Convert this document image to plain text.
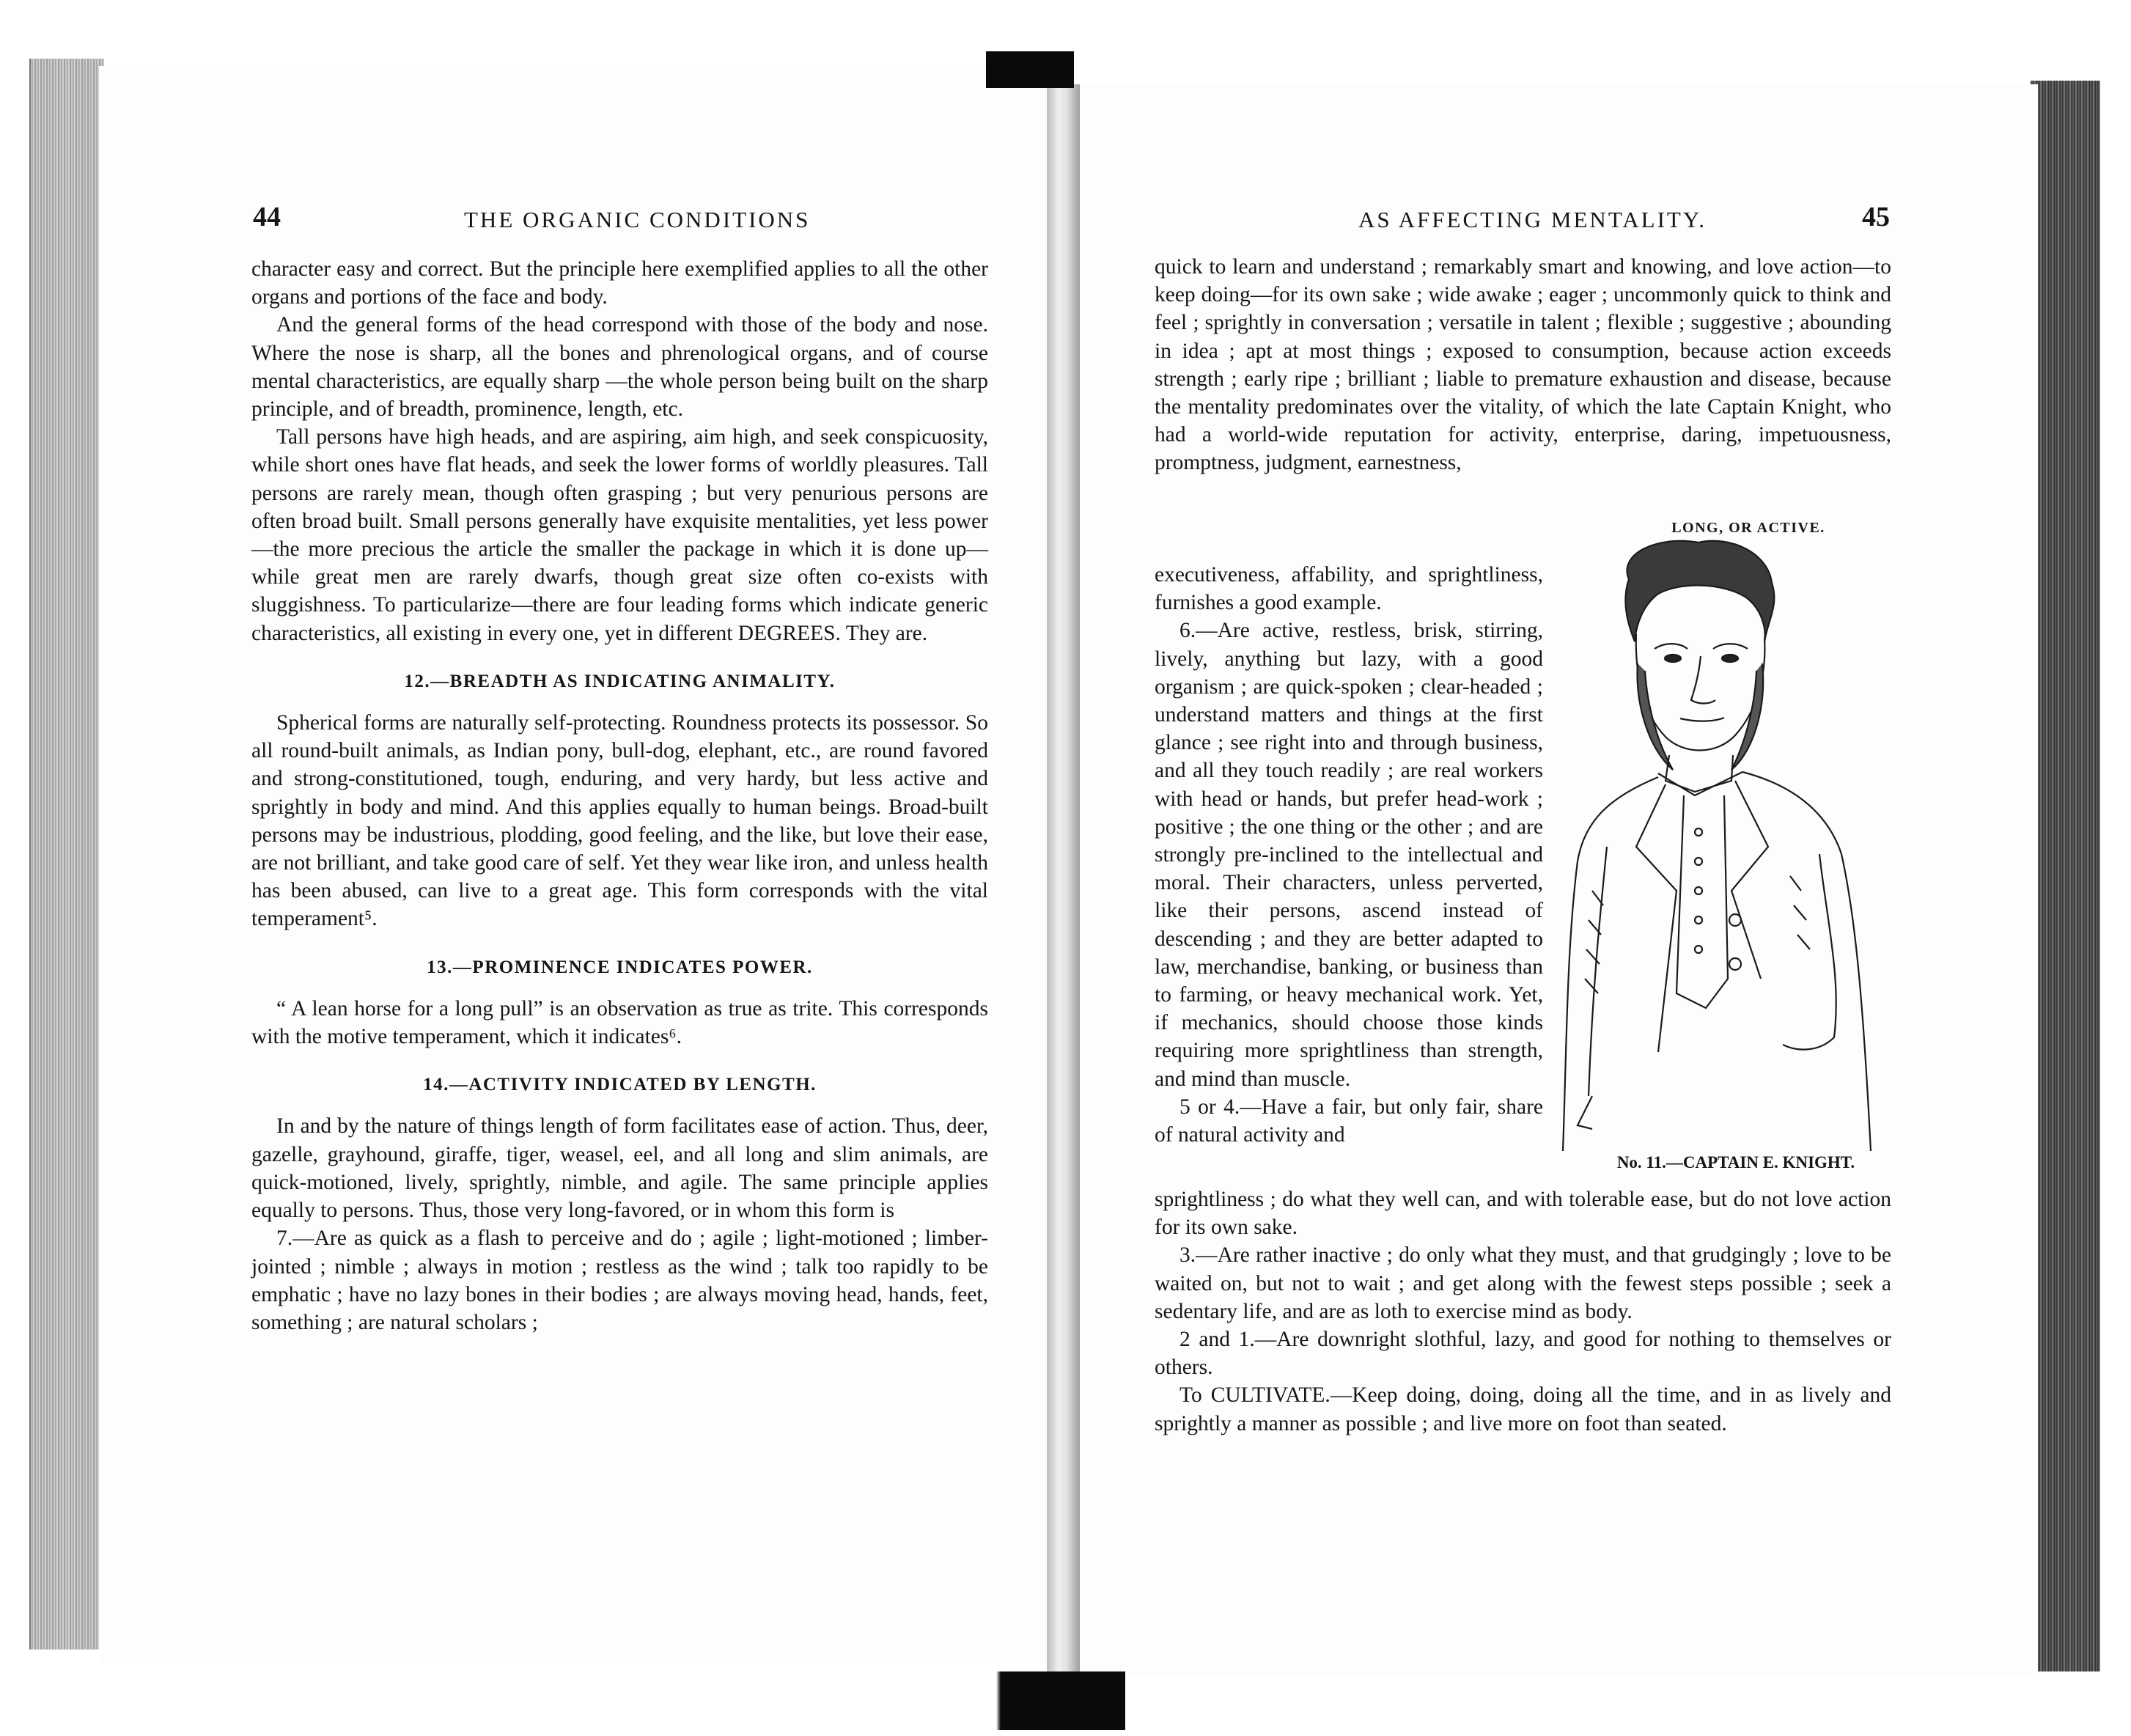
44	THE ORGANIC CONDITIONS	AS AFFECTING MENTALITY.	45

character easy and correct. But the principle here exemplified applies to all the other organs and portions of the face and body.

And the general forms of the head correspond with those of the body and nose. Where the nose is sharp, all the bones and phrenological organs, and of course mental characteristics, are equally sharp —the whole person being built on the sharp principle, and of breadth, prominence, length, etc.

Tall persons have high heads, and are aspiring, aim high, and seek conspicuosity, while short ones have flat heads, and seek the lower forms of worldly pleasures. Tall persons are rarely mean, though often grasping ; but very penurious persons are often broad built. Small persons generally have exquisite mentalities, yet less power—the more precious the article the smaller the package in which it is done up—while great men are rarely dwarfs, though great size often co-exists with sluggishness. To particularize—there are four leading forms which indicate generic characteristics, all existing in every one, yet in different DEGREES. They are.

12.—BREADTH AS INDICATING ANIMALITY.

Spherical forms are naturally self-protecting. Roundness protects its possessor. So all round-built animals, as Indian pony, bull-dog, elephant, etc., are round favored and strong-constitutioned, tough, enduring, and very hardy, but less active and sprightly in body and mind. And this applies equally to human beings. Broad-built persons may be industrious, plodding, good feeling, and the like, but love their ease, are not brilliant, and take good care of self. Yet they wear like iron, and unless health has been abused, can live to a great age. This form corresponds with the vital temperament⁵.

13.—PROMINENCE INDICATES POWER.

“ A lean horse for a long pull” is an observation as true as trite. This corresponds with the motive temperament, which it indicates⁶.

14.—ACTIVITY INDICATED BY LENGTH.

In and by the nature of things length of form facilitates ease of action. Thus, deer, gazelle, grayhound, giraffe, tiger, weasel, eel, and all long and slim animals, are quick-motioned, lively, sprightly, nimble, and agile. The same principle applies equally to persons. Thus, those very long-favored, or in whom this form is

7.—Are as quick as a flash to perceive and do ; agile ; light-motioned ; limber-jointed ; nimble ; always in motion ; restless as the wind ; talk too rapidly to be emphatic ; have no lazy bones in their bodies ; are always moving head, hands, feet, something ; are natural scholars ;

quick to learn and understand ; remarkably smart and knowing, and love action—to keep doing—for its own sake ; wide awake ; eager ; uncommonly quick to think and feel ; sprightly in conversation ; versatile in talent ; flexible ; suggestive ; abounding in idea ; apt at most things ; exposed to consumption, because action exceeds strength ; early ripe ; brilliant ; liable to premature exhaustion and disease, because the mentality predominates over the vitality, of which the late Captain Knight, who had a world-wide reputation for activity, enterprise, daring, impetuousness, promptness, judgment, earnestness,

executiveness, affability, and sprightliness, furnishes a good example.

6.—Are active, restless, brisk, stirring, lively, anything but lazy, with a good organism ; are quick-spoken ; clear-headed ; understand matters and things at the first glance ; see right into and through business, and all they touch readily ; are real workers with head or hands, but prefer head-work ; positive ; the one thing or the other ; and are strongly pre-inclined to the intellectual and moral. Their characters, unless perverted, like their persons, ascend instead of descending ; and they are better adapted to law, merchandise, banking, or business than to farming, or heavy mechanical work. Yet, if mechanics, should choose those kinds requiring more sprightliness than strength, and mind than muscle.

5 or 4.—Have a fair, but only fair, share of natural activity and

sprightliness ; do what they well can, and with tolerable ease, but do not love action for its own sake.

3.—Are rather inactive ; do only what they must, and that grudgingly ; love to be waited on, but not to wait ; and get along with the fewest steps possible ; seek a sedentary life, and are as loth to exercise mind as body.

2 and 1.—Are downright slothful, lazy, and good for nothing to themselves or others.

To CULTIVATE.—Keep doing, doing, doing all the time, and in as lively and sprightly a manner as possible ; and live more on foot than seated.

LONG, OR ACTIVE.
No. 11.—CAPTAIN E. KNIGHT.
